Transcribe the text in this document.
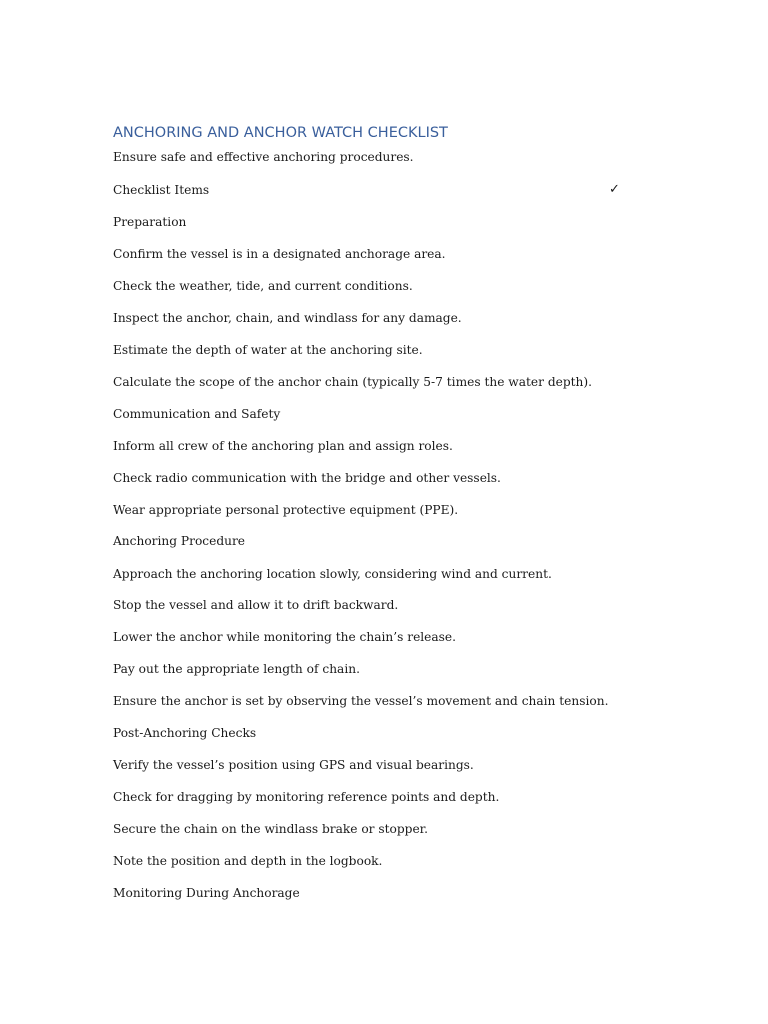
ANCHORING AND ANCHOR WATCH CHECKLIST
Ensure safe and effective anchoring procedures.
Checklist Items	✓
Preparation
Confirm the vessel is in a designated anchorage area.
Check the weather, tide, and current conditions.
Inspect the anchor, chain, and windlass for any damage.
Estimate the depth of water at the anchoring site.
Calculate the scope of the anchor chain (typically 5-7 times the water depth).
Communication and Safety
Inform all crew of the anchoring plan and assign roles.
Check radio communication with the bridge and other vessels.
Wear appropriate personal protective equipment (PPE).
Anchoring Procedure
Approach the anchoring location slowly, considering wind and current.
Stop the vessel and allow it to drift backward.
Lower the anchor while monitoring the chain’s release.
Pay out the appropriate length of chain.
Ensure the anchor is set by observing the vessel’s movement and chain tension.
Post-Anchoring Checks
Verify the vessel’s position using GPS and visual bearings.
Check for dragging by monitoring reference points and depth.
Secure the chain on the windlass brake or stopper.
Note the position and depth in the logbook.
Monitoring During Anchorage
